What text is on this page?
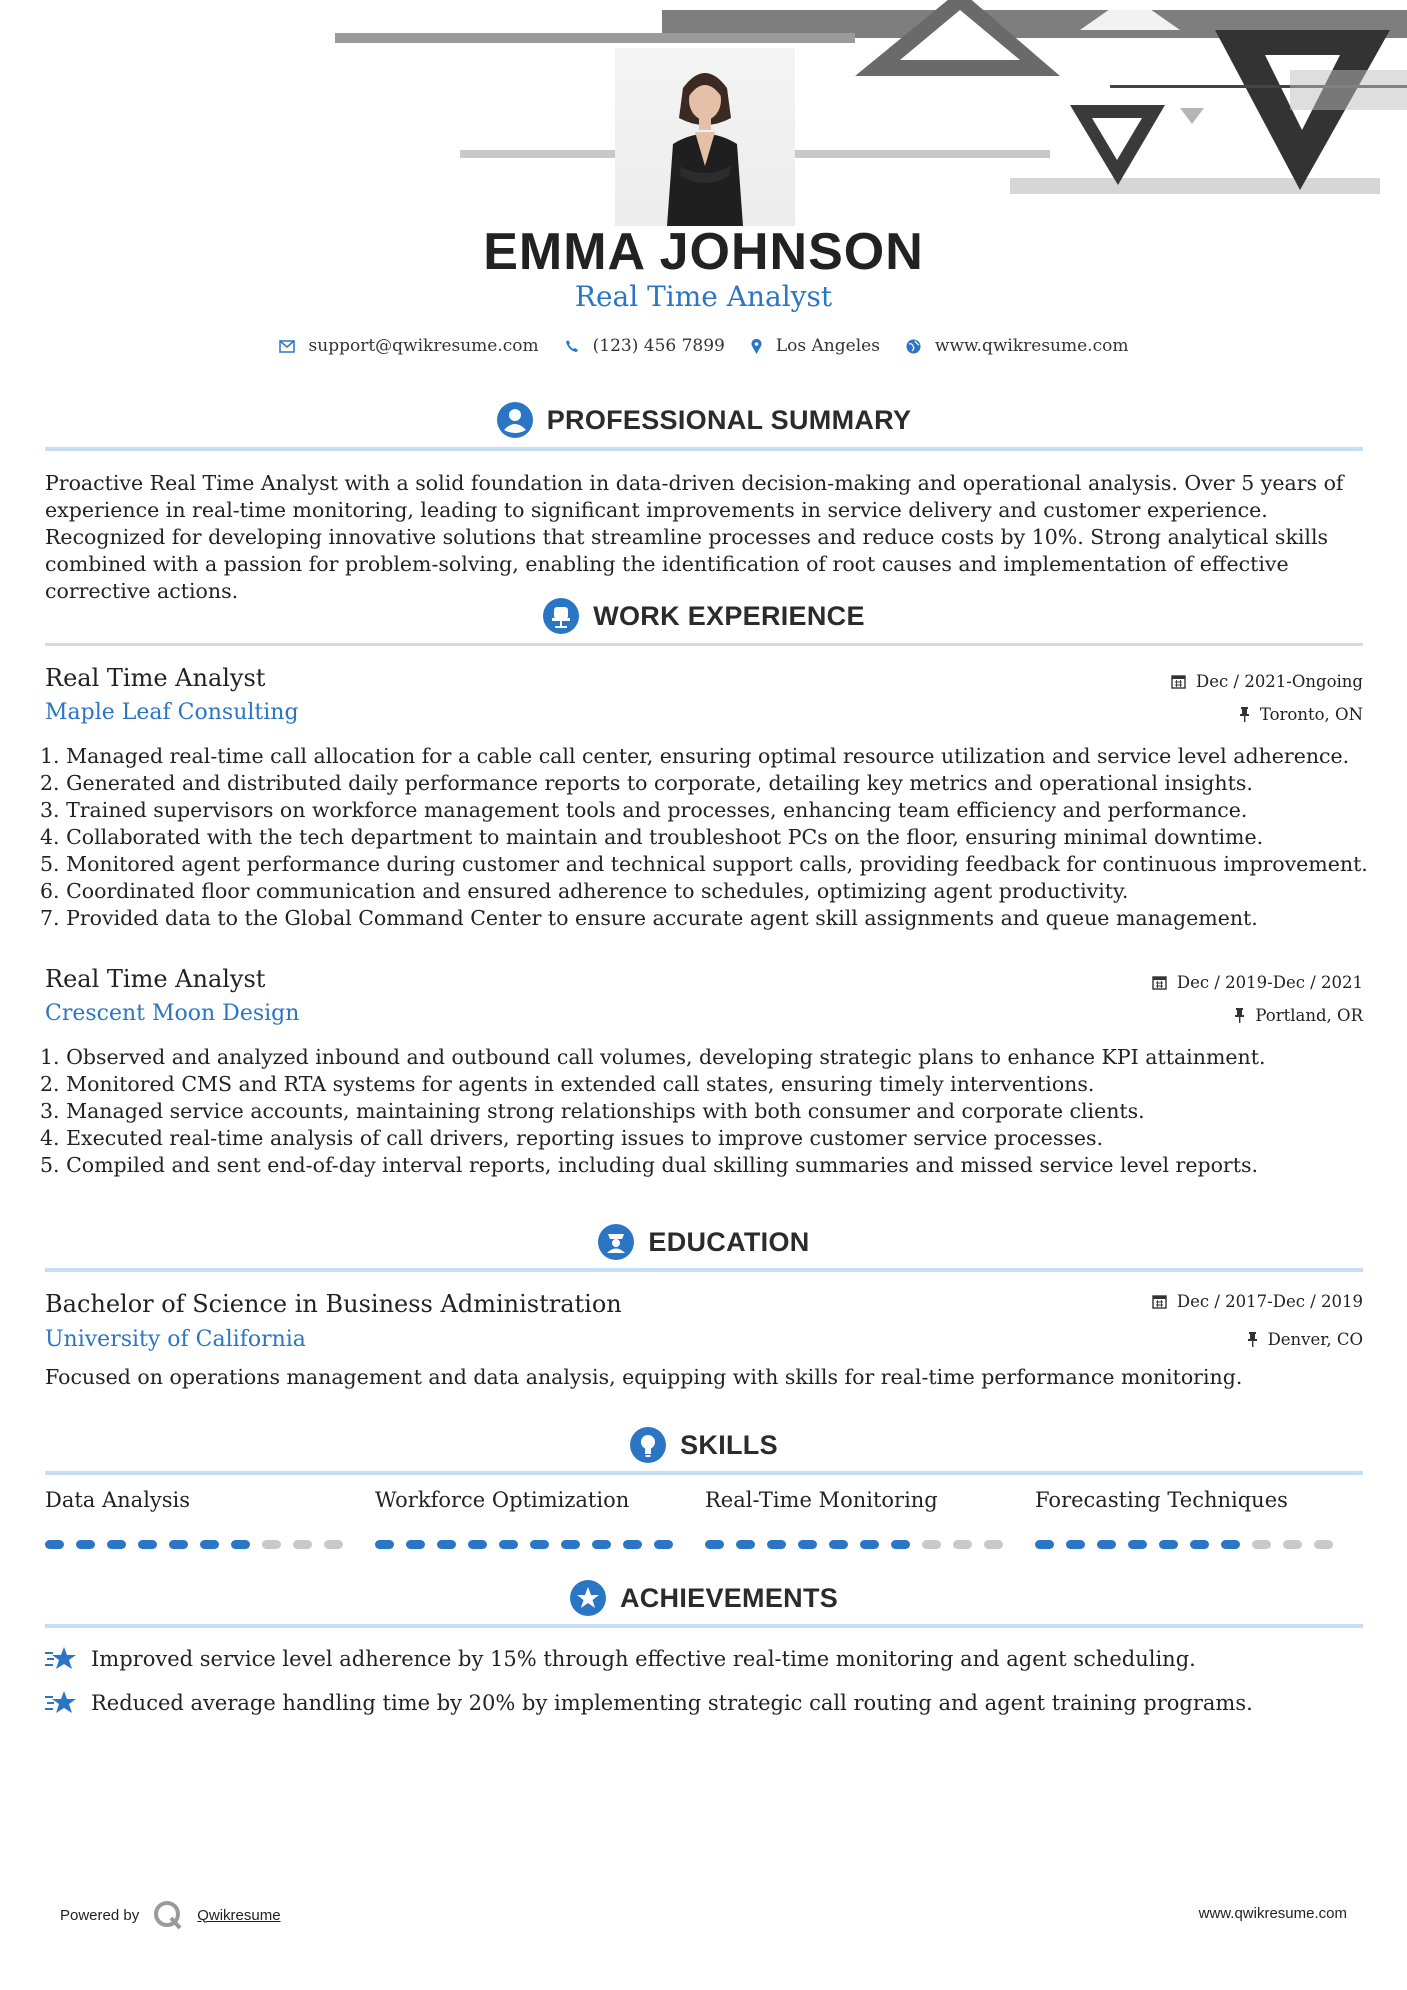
EMMA JOHNSON
Real Time Analyst
support@qwikresume.com	(123) 456 7899	Los Angeles	www.qwikresume.com
PROFESSIONAL SUMMARY
Proactive Real Time Analyst with a solid foundation in data-driven decision-making and operational analysis. Over 5 years of experience in real-time monitoring, leading to significant improvements in service delivery and customer experience. Recognized for developing innovative solutions that streamline processes and reduce costs by 10%. Strong analytical skills combined with a passion for problem-solving, enabling the identification of root causes and implementation of effective corrective actions.
WORK EXPERIENCE
Real Time Analyst	Dec / 2021-Ongoing
Maple Leaf Consulting	Toronto, ON
1. Managed real-time call allocation for a cable call center, ensuring optimal resource utilization and service level adherence.
2. Generated and distributed daily performance reports to corporate, detailing key metrics and operational insights.
3. Trained supervisors on workforce management tools and processes, enhancing team efficiency and performance.
4. Collaborated with the tech department to maintain and troubleshoot PCs on the floor, ensuring minimal downtime.
5. Monitored agent performance during customer and technical support calls, providing feedback for continuous improvement.
6. Coordinated floor communication and ensured adherence to schedules, optimizing agent productivity.
7. Provided data to the Global Command Center to ensure accurate agent skill assignments and queue management.
Real Time Analyst	Dec / 2019-Dec / 2021
Crescent Moon Design	Portland, OR
1. Observed and analyzed inbound and outbound call volumes, developing strategic plans to enhance KPI attainment.
2. Monitored CMS and RTA systems for agents in extended call states, ensuring timely interventions.
3. Managed service accounts, maintaining strong relationships with both consumer and corporate clients.
4. Executed real-time analysis of call drivers, reporting issues to improve customer service processes.
5. Compiled and sent end-of-day interval reports, including dual skilling summaries and missed service level reports.
EDUCATION
Bachelor of Science in Business Administration	Dec / 2017-Dec / 2019
University of California	Denver, CO
Focused on operations management and data analysis, equipping with skills for real-time performance monitoring.
SKILLS
Data Analysis	Workforce Optimization	Real-Time Monitoring	Forecasting Techniques
ACHIEVEMENTS
Improved service level adherence by 15% through effective real-time monitoring and agent scheduling.
Reduced average handling time by 20% by implementing strategic call routing and agent training programs.
Powered by	Qwikresume	www.qwikresume.com
